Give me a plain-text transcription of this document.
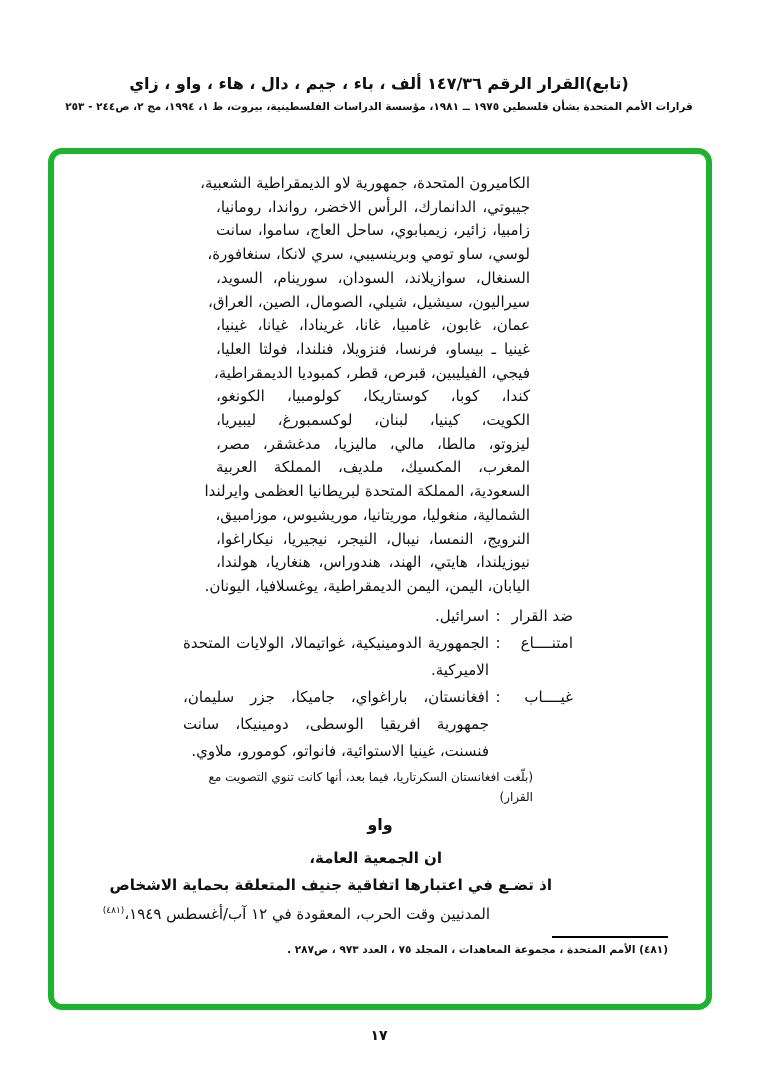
(تابع)القرار الرقم ١٤٧/٣٦ ألف ، باء ، جيم ، دال ، هاء ، واو ، زاي
قرارات الأمم المتحدة بشأن فلسطين ١٩٧٥ ــ ١٩٨١، مؤسسة الدراسات الفلسطينية، بيروت، ط ١، ١٩٩٤، مج ٢، ص٢٤٤ - ٢٥٣
الكاميرون المتحدة، جمهورية لاو الديمقراطية الشعبية،
جيبوتي، الدانمارك، الرأس الاخضر، رواندا، رومانيا،
زامبيا، زائير، زيمبابوي، ساحل العاج، ساموا، سانت
لوسي، ساو تومي وبرينسيبي، سري لانكا، سنغافورة،
السنغال، سوازيلاند، السودان، سورينام، السويد،
سيراليون، سيشيل، شيلي، الصومال، الصين، العراق،
عمان، غابون، غامبيا، غانا، غرينادا، غيانا، غينيا،
غينيا ـ بيساو، فرنسا، فنزويلا، فنلندا، فولتا العليا،
فيجي، الفيليبين، قبرص، قطر، كمبوديا الديمقراطية،
كندا، كوبا، كوستاريكا، كولومبيا، الكونغو،
الكويت، كينيا، لبنان، لوكسمبورغ، ليبيريا،
ليزوتو، مالطا، مالي، ماليزيا، مدغشقر، مصر،
المغرب، المكسيك، ملديف، المملكة العربية
السعودية، المملكة المتحدة لبريطانيا العظمى وايرلندا
الشمالية، منغوليا، موريتانيا، موريشيوس، موزامبيق،
النرويج، النمسا، نيبال، النيجر، نيجيريا، نيكاراغوا،
نيوزيلندا، هايتي، الهند، هندوراس، هنغاريا، هولندا،
اليابان، اليمن، اليمن الديمقراطية، يوغسلافيا، اليونان.
ضد القرار
:
اسرائيل.
امتنــــاع
:
الجمهورية الدومينيكية، غواتيمالا، الولايات المتحدة الاميركية.
غيــــاب
:
افغانستان، باراغواي، جاميكا، جزر سليمان، جمهورية افريقيا الوسطى، دومينيكا، سانت فنسنت، غينيا الاستوائية، فانواتو، كومورو، ملاوي.
(بلّغت افغانستان السكرتاريا، فيما بعد، أنها كانت تنوي التصويت مع القرار)
واو
ان الجمعية العامة،
اذ تضـع في اعتبارها اتفاقية جنيف المتعلقة بحماية الاشخاص
المدنيين وقت الحرب، المعقودة في ١٢ آب/أغسطس ١٩٤٩،$^{(٤٨١)}$
(٤٨١) الأمم المتحدة ، مجموعة المعاهدات ، المجلد ٧٥ ، العدد ٩٧٣ ، ص٢٨٧ .
١٧
